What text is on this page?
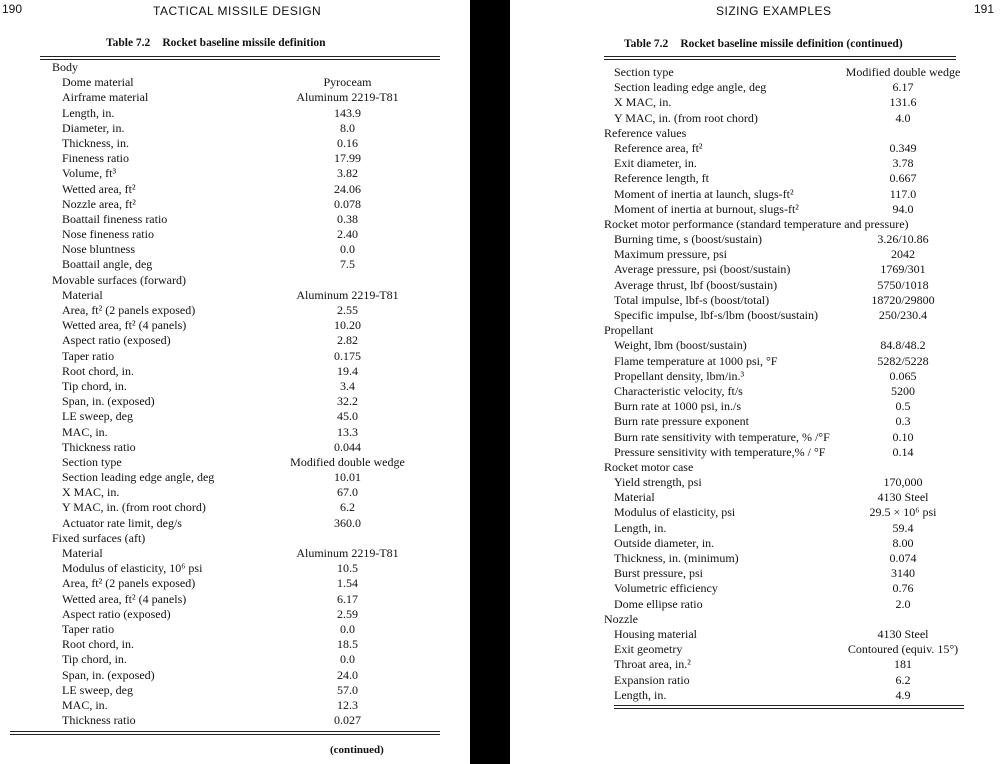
190	TACTICAL MISSILE DESIGN
Table 7.2 Rocket baseline missile definition
Body
Dome material	Pyroceam
Airframe material	Aluminum 2219-T81
Length, in.	143.9
Diameter, in.	8.0
Thickness, in.	0.16
Fineness ratio	17.99
Volume, ft³	3.82
Wetted area, ft²	24.06
Nozzle area, ft²	0.078
Boattail fineness ratio	0.38
Nose fineness ratio	2.40
Nose bluntness	0.0
Boattail angle, deg	7.5
Movable surfaces (forward)
Material	Aluminum 2219-T81
Area, ft² (2 panels exposed)	2.55
Wetted area, ft² (4 panels)	10.20
Aspect ratio (exposed)	2.82
Taper ratio	0.175
Root chord, in.	19.4
Tip chord, in.	3.4
Span, in. (exposed)	32.2
LE sweep, deg	45.0
MAC, in.	13.3
Thickness ratio	0.044
Section type	Modified double wedge
Section leading edge angle, deg	10.01
X MAC, in.	67.0
Y MAC, in. (from root chord)	6.2
Actuator rate limit, deg/s	360.0
Fixed surfaces (aft)
Material	Aluminum 2219-T81
Modulus of elasticity, 10⁶ psi	10.5
Area, ft² (2 panels exposed)	1.54
Wetted area, ft² (4 panels)	6.17
Aspect ratio (exposed)	2.59
Taper ratio	0.0
Root chord, in.	18.5
Tip chord, in.	0.0
Span, in. (exposed)	24.0
LE sweep, deg	57.0
MAC, in.	12.3
Thickness ratio	0.027
(continued)
SIZING EXAMPLES	191
Table 7.2 Rocket baseline missile definition (continued)
Section type	Modified double wedge
Section leading edge angle, deg	6.17
X MAC, in.	131.6
Y MAC, in. (from root chord)	4.0
Reference values
Reference area, ft²	0.349
Exit diameter, in.	3.78
Reference length, ft	0.667
Moment of inertia at launch, slugs-ft²	117.0
Moment of inertia at burnout, slugs-ft²	94.0
Rocket motor performance (standard temperature and pressure)
Burning time, s (boost/sustain)	3.26/10.86
Maximum pressure, psi	2042
Average pressure, psi (boost/sustain)	1769/301
Average thrust, lbf (boost/sustain)	5750/1018
Total impulse, lbf-s (boost/total)	18720/29800
Specific impulse, lbf-s/lbm (boost/sustain)	250/230.4
Propellant
Weight, lbm (boost/sustain)	84.8/48.2
Flame temperature at 1000 psi, °F	5282/5228
Propellant density, lbm/in.³	0.065
Characteristic velocity, ft/s	5200
Burn rate at 1000 psi, in./s	0.5
Burn rate pressure exponent	0.3
Burn rate sensitivity with temperature, % /°F	0.10
Pressure sensitivity with temperature,% / °F	0.14
Rocket motor case
Yield strength, psi	170,000
Material	4130 Steel
Modulus of elasticity, psi	29.5 × 10⁶ psi
Length, in.	59.4
Outside diameter, in.	8.00
Thickness, in. (minimum)	0.074
Burst pressure, psi	3140
Volumetric efficiency	0.76
Dome ellipse ratio	2.0
Nozzle
Housing material	4130 Steel
Exit geometry	Contoured (equiv. 15°)
Throat area, in.²	181
Expansion ratio	6.2
Length, in.	4.9
